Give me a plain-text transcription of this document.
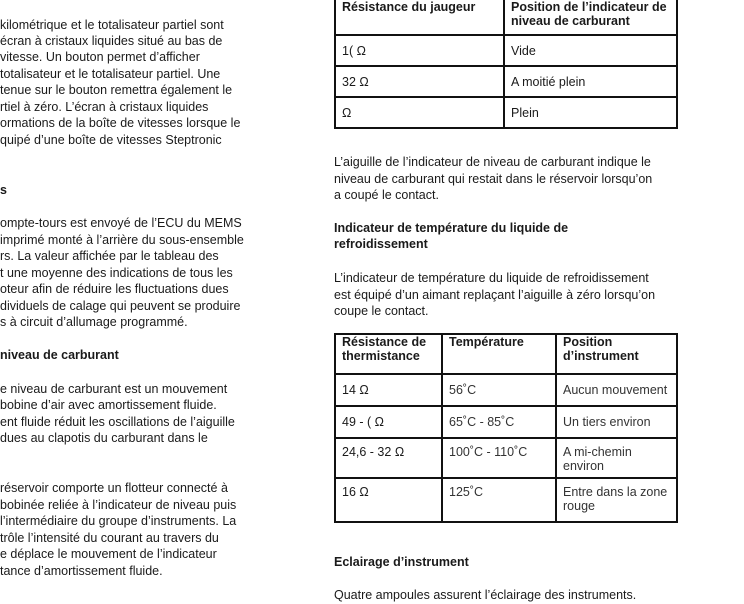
kilométrique et le totalisateur partiel sont

écran à cristaux liquides situé au bas de

vitesse. Un bouton permet d’afficher

totalisateur et le totalisateur partiel. Une

tenue sur le bouton remettra également le

rtiel à zéro. L’écran à cristaux liquides

ormations de la boîte de vitesses lorsque le

quipé d’une boîte de vitesses Steptronic

s

ompte-tours est envoyé de l’ECU du MEMS

imprimé monté à l’arrière du sous-ensemble

rs. La valeur affichée par le tableau des

t une moyenne des indications de tous les

oteur afin de réduire les fluctuations dues

dividuels de calage qui peuvent se produire

s à circuit d’allumage programmé.

niveau de carburant

e niveau de carburant est un mouvement

bobine d’air avec amortissement fluide.

ent fluide réduit les oscillations de l’aiguille

dues au clapotis du carburant dans le

réservoir comporte un flotteur connecté à

bobinée reliée à l’indicateur de niveau puis

l’intermédiaire du groupe d’instruments. La

trôle l’intensité du courant au travers du

e déplace le mouvement de l’indicateur

tance d’amortissement fluide.

Résistance du jaugeur	Position de l’indicateur de niveau de carburant
1( Ω	Vide
32 Ω	A moitié plein
Ω	Plein

L’aiguille de l’indicateur de niveau de carburant indique le

niveau de carburant qui restait dans le réservoir lorsqu’on

a coupé le contact.

Indicateur de température du liquide de

refroidissement

L’indicateur de température du liquide de refroidissement

est équipé d’un aimant replaçant l’aiguille à zéro lorsqu’on

coupe le contact.

Résistance de thermistance	Température	Position d’instrument
14 Ω	56˚C	Aucun mouvement
49 - ( Ω	65˚C - 85˚C	Un tiers environ
24,6 - 32 Ω	100˚C - 110˚C	A mi-chemin environ
16 Ω	125˚C	Entre dans la zone rouge

Eclairage d’instrument

Quatre ampoules assurent l’éclairage des instruments.
